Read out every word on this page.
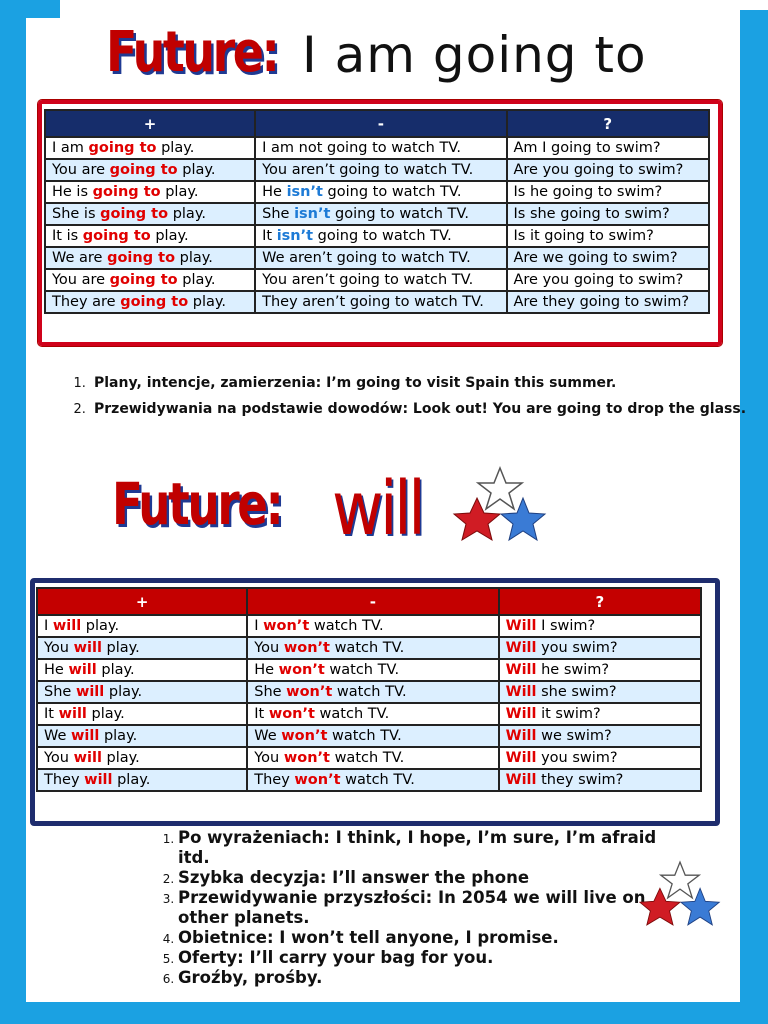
Future: I am going to
+	-	?
I am going to play.	I am not going to watch TV.	Am I going to swim?
You are going to play.	You aren’t going to watch TV.	Are you going to swim?
He is going to play.	He isn’t going to watch TV.	Is he going to swim?
She is going to play.	She isn’t going to watch TV.	Is she going to swim?
It is going to play.	It isn’t going to watch TV.	Is it going to swim?
We are going to play.	We aren’t going to watch TV.	Are we going to swim?
You are going to play.	You aren’t going to watch TV.	Are you going to swim?
They are going to play.	They aren’t going to watch TV.	Are they going to swim?
1. Plany, intencje, zamierzenia: I’m going to visit Spain this summer.
2. Przewidywania na podstawie dowodów: Look out! You are going to drop the glass.
Future: will
+	-	?
I will play.	I won’t watch TV.	Will I swim?
You will play.	You won’t watch TV.	Will you swim?
He will play.	He won’t watch TV.	Will he swim?
She will play.	She won’t watch TV.	Will she swim?
It will play.	It won’t watch TV.	Will it swim?
We will play.	We won’t watch TV.	Will we swim?
You will play.	You won’t watch TV.	Will you swim?
They will play.	They won’t watch TV.	Will they swim?
1. Po wyrażeniach: I think, I hope, I’m sure, I’m afraid itd.
2. Szybka decyzja: I’ll answer the phone
3. Przewidywanie przyszłości: In 2054 we will live on other planets.
4. Obietnice: I won’t tell anyone, I promise.
5. Oferty: I’ll carry your bag for you.
6. Groźby, prośby.
